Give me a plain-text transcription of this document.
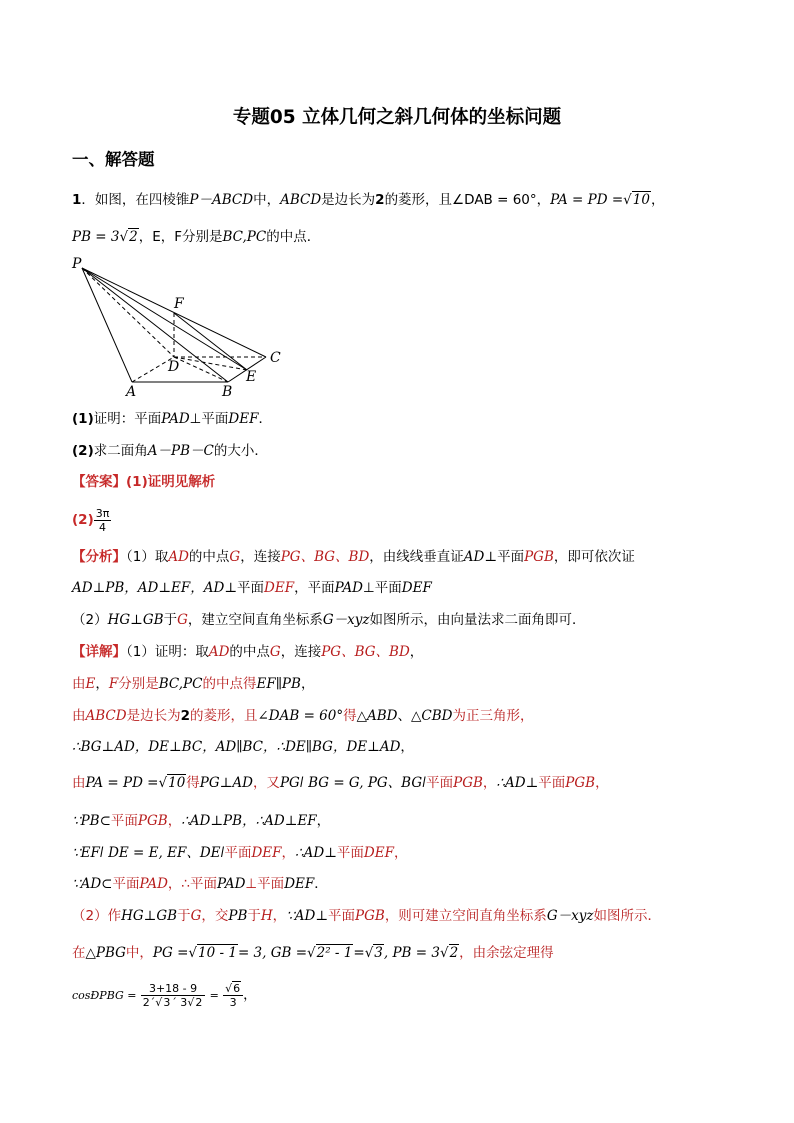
专题05 立体几何之斜几何体的坐标问题
一、解答题
1．如图，在四棱锥P－ABCD中，ABCD是边长为2的菱形，且∠DAB = 60°，PA = PD =√10，
PB = 3√2，E，F分别是BC,PC的中点．
P
F
D
C
E
A	B
(1)证明：平面PAD⊥平面DEF．
(2)求二面角A－PB－C的大小．
【答案】(1)证明见解析
$(2) \frac{3\pi}{4}$
【分析】（1）取AD的中点G，连接PG、BG、BD，由线线垂直证AD⊥平面PGB，即可依次证
AD⊥PB，AD⊥EF，AD⊥平面DEF，平面PAD⊥平面DEF
（2）HG⊥GB于G，建立空间直角坐标系G－xyz如图所示，由向量法求二面角即可．
【详解】（1）证明：取AD的中点G，连接PG、BG、BD，
由E，F分别是BC,PC的中点得EF∥PB，
由ABCD是边长为2的菱形，且∠DAB = 60°得△ABD、△CBD为正三角形，
∴BG⊥AD，DE⊥BC，AD∥BC，∴DE∥BG，DE⊥AD，
由PA = PD =√10得PG⊥AD，又PGǀ BG = G, PG、BGǀ平面PGB，∴AD⊥平面PGB，
∵PB⊂平面PGB，∴AD⊥PB，∴AD⊥EF，
∵EFǀ DE = E, EF、DEǀ平面DEF，∴AD⊥平面DEF，
∵AD⊂平面PAD，∴平面PAD⊥平面DEF．
（2）作HG⊥GB于G，交PB于H，∵AD⊥平面PGB，则可建立空间直角坐标系G－xyz如图所示．
在△PBG中，PG =√10 - 1= 3, GB =√2² - 1=√3, PB = 3√2，由余弦定理得
cosÐPBG = $\frac{3+18 - 9}{2´√3´ 3√2} = \frac{√6}{3}$ ，
